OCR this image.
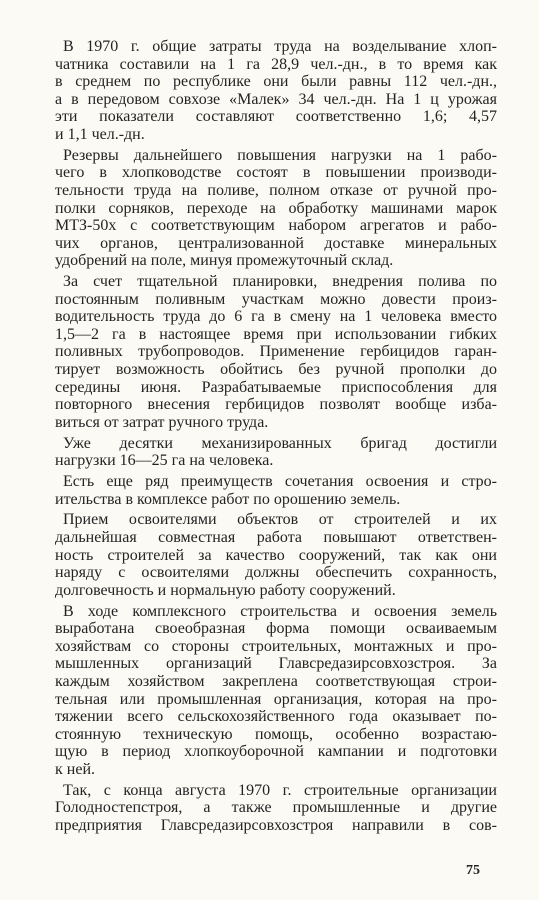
В 1970 г. общие затраты труда на возделывание хлоп-
чатника составили на 1 га 28,9 чел.-дн., в то время как
в среднем по республике они были равны 112 чел.-дн.,
а в передовом совхозе «Малек» 34 чел.-дн. На 1 ц урожая
эти показатели составляют соответственно 1,6; 4,57
и 1,1 чел.-дн.
Резервы дальнейшего повышения нагрузки на 1 рабо-
чего в хлопководстве состоят в повышении производи-
тельности труда на поливе, полном отказе от ручной про-
полки сорняков, переходе на обработку машинами марок
МТЗ-50х с соответствующим набором агрегатов и рабо-
чих органов, централизованной доставке минеральных
удобрений на поле, минуя промежуточный склад.
За счет тщательной планировки, внедрения полива по
постоянным поливным участкам можно довести произ-
водительность труда до 6 га в смену на 1 человека вместо
1,5—2 га в настоящее время при использовании гибких
поливных трубопроводов. Применение гербицидов гаран-
тирует возможность обойтись без ручной прополки до
середины июня. Разрабатываемые приспособления для
повторного внесения гербицидов позволят вообще изба-
виться от затрат ручного труда.
Уже десятки механизированных бригад достигли
нагрузки 16—25 га на человека.
Есть еще ряд преимуществ сочетания освоения и стро-
ительства в комплексе работ по орошению земель.
Прием освоителями объектов от строителей и их
дальнейшая совместная работа повышают ответствен-
ность строителей за качество сооружений, так как они
наряду с освоителями должны обеспечить сохранность,
долговечность и нормальную работу сооружений.
В ходе комплексного строительства и освоения земель
выработана своеобразная форма помощи осваиваемым
хозяйствам со стороны строительных, монтажных и про-
мышленных организаций Главсредазирсовхозстроя. За
каждым хозяйством закреплена соответствующая строи-
тельная или промышленная организация, которая на про-
тяжении всего сельскохозяйственного года оказывает по-
стоянную техническую помощь, особенно возрастаю-
щую в период хлопкоуборочной кампании и подготовки
к ней.
Так, с конца августа 1970 г. строительные организации
Голодностепстроя, а также промышленные и другие
предприятия Главсредазирсовхозстроя направили в сов-
75
